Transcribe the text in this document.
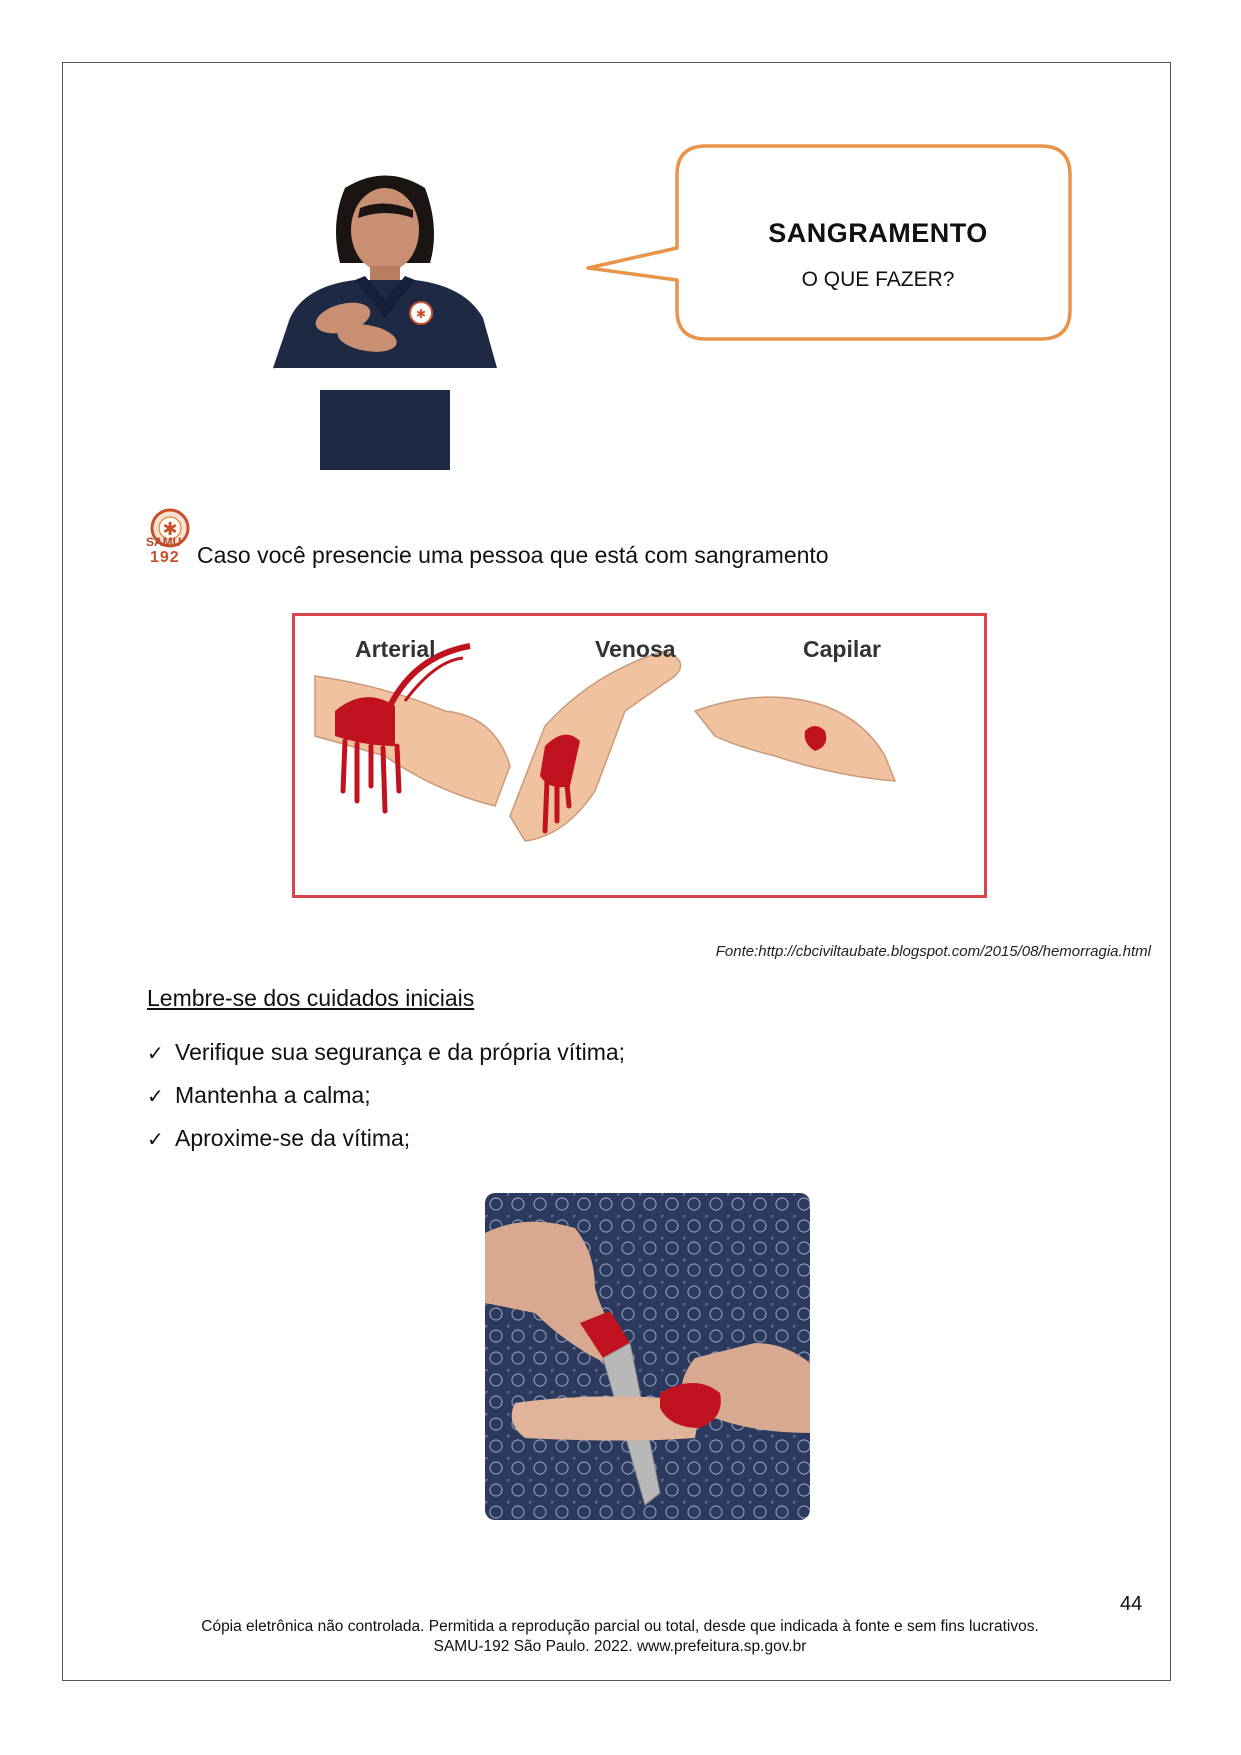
✱
SANGRAMENTO
O QUE FAZER?
✱
SAMU
192 Caso você presencie uma pessoa que está com sangramento
Arterial	Venosa	Capilar
Fonte:http://cbciviltaubate.blogspot.com/2015/08/hemorragia.html
Lembre-se dos cuidados iniciais
✓ Verifique sua segurança e da própria vítima;
✓ Mantenha a calma;
✓ Aproxime-se da vítima;
44
Cópia eletrônica não controlada. Permitida a reprodução parcial ou total, desde que indicada à fonte e sem fins lucrativos.
SAMU-192 São Paulo. 2022. www.prefeitura.sp.gov.br
